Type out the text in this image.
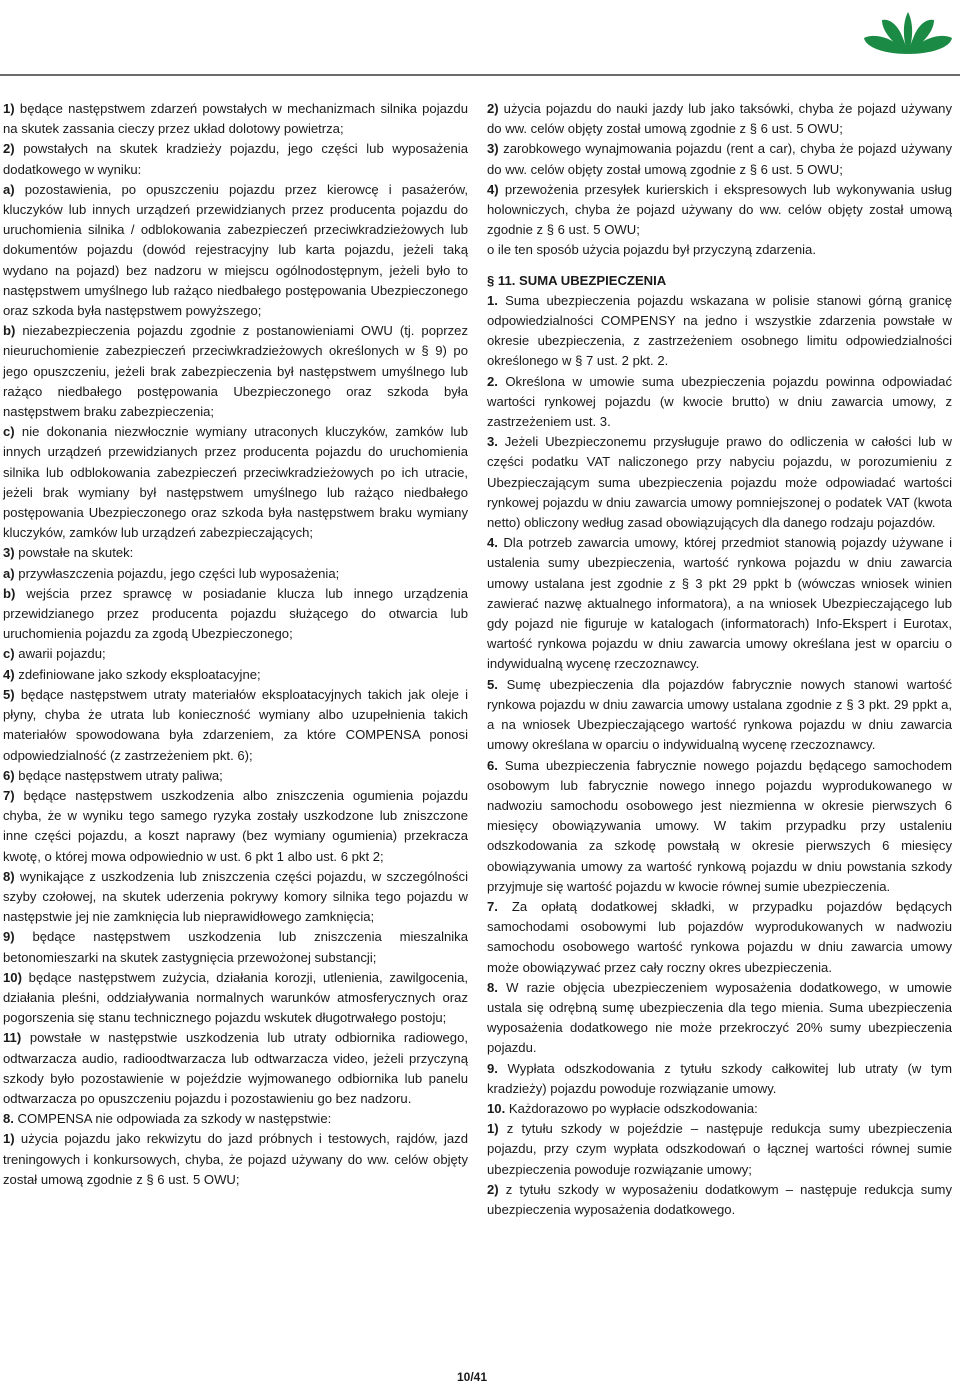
1) będące następstwem zdarzeń powstałych w mechanizmach silnika pojazdu na skutek zassania cieczy przez układ dolotowy powietrza;

2) powstałych na skutek kradzieży pojazdu, jego części lub wyposażenia dodatkowego w wyniku:

a) pozostawienia, po opuszczeniu pojazdu przez kierowcę i pasażerów, kluczyków lub innych urządzeń przewidzianych przez producenta pojazdu do uruchomienia silnika / odblokowania zabezpieczeń przeciwkradzieżowych lub dokumentów pojazdu (dowód rejestracyjny lub karta pojazdu, jeżeli taką wydano na pojazd) bez nadzoru w miejscu ogólnodostępnym, jeżeli było to następstwem umyślnego lub rażąco niedbałego postępowania Ubezpieczonego oraz szkoda była następstwem powyższego;

b) niezabezpieczenia pojazdu zgodnie z postanowieniami OWU (tj. poprzez nieuruchomienie zabezpieczeń przeciwkradzieżowych określonych w § 9) po jego opuszczeniu, jeżeli brak zabezpieczenia był następstwem umyślnego lub rażąco niedbałego postępowania Ubezpieczonego oraz szkoda była następstwem braku zabezpieczenia;

c) nie dokonania niezwłocznie wymiany utraconych kluczyków, zamków lub innych urządzeń przewidzianych przez producenta pojazdu do uruchomienia silnika lub odblokowania zabezpieczeń przeciwkradzieżowych po ich utracie, jeżeli brak wymiany był następstwem umyślnego lub rażąco niedbałego postępowania Ubezpieczonego oraz szkoda była następstwem braku wymiany kluczyków, zamków lub urządzeń zabezpieczających;

3) powstałe na skutek:

a) przywłaszczenia pojazdu, jego części lub wyposażenia;

b) wejścia przez sprawcę w posiadanie klucza lub innego urządzenia przewidzianego przez producenta pojazdu służącego do otwarcia lub uruchomienia pojazdu za zgodą Ubezpieczonego;

c) awarii pojazdu;

4) zdefiniowane jako szkody eksploatacyjne;

5) będące następstwem utraty materiałów eksploatacyjnych takich jak oleje i płyny, chyba że utrata lub konieczność wymiany albo uzupełnienia takich materiałów spowodowana była zdarzeniem, za które COMPENSA ponosi odpowiedzialność (z zastrzeżeniem pkt. 6);

6) będące następstwem utraty paliwa;

7) będące następstwem uszkodzenia albo zniszczenia ogumienia pojazdu chyba, że w wyniku tego samego ryzyka zostały uszkodzone lub zniszczone inne części pojazdu, a koszt naprawy (bez wymiany ogumienia) przekracza kwotę, o której mowa odpowiednio w ust. 6 pkt 1 albo ust. 6 pkt 2;

8) wynikające z uszkodzenia lub zniszczenia części pojazdu, w szczególności szyby czołowej, na skutek uderzenia pokrywy komory silnika tego pojazdu w następstwie jej nie zamknięcia lub nieprawidłowego zamknięcia;

9) będące następstwem uszkodzenia lub zniszczenia mieszalnika betonomieszarki na skutek zastygnięcia przewożonej substancji;

10) będące następstwem zużycia, działania korozji, utlenienia, zawilgocenia, działania pleśni, oddziaływania normalnych warunków atmosferycznych oraz pogorszenia się stanu technicznego pojazdu wskutek długotrwałego postoju;

11) powstałe w następstwie uszkodzenia lub utraty odbiornika radiowego, odtwarzacza audio, radioodtwarzacza lub odtwarzacza video, jeżeli przyczyną szkody było pozostawienie w pojeździe wyjmowanego odbiornika lub panelu odtwarzacza po opuszczeniu pojazdu i pozostawieniu go bez nadzoru.

8. COMPENSA nie odpowiada za szkody w następstwie:

1) użycia pojazdu jako rekwizytu do jazd próbnych i testowych, rajdów, jazd treningowych i konkursowych, chyba, że pojazd używany do ww. celów objęty został umową zgodnie z § 6 ust. 5 OWU;

2) użycia pojazdu do nauki jazdy lub jako taksówki, chyba że pojazd używany do ww. celów objęty został umową zgodnie z § 6 ust. 5 OWU;

3) zarobkowego wynajmowania pojazdu (rent a car), chyba że pojazd używany do ww. celów objęty został umową zgodnie z § 6 ust. 5 OWU;

4) przewożenia przesyłek kurierskich i ekspresowych lub wykonywania usług holowniczych, chyba że pojazd używany do ww. celów objęty został umową zgodnie z § 6 ust. 5 OWU;

o ile ten sposób użycia pojazdu był przyczyną zdarzenia.

§ 11. SUMA UBEZPIECZENIA

1. Suma ubezpieczenia pojazdu wskazana w polisie stanowi górną granicę odpowiedzialności COMPENSY na jedno i wszystkie zdarzenia powstałe w okresie ubezpieczenia, z zastrzeżeniem osobnego limitu odpowiedzialności określonego w § 7 ust. 2 pkt. 2.

2. Określona w umowie suma ubezpieczenia pojazdu powinna odpowiadać wartości rynkowej pojazdu (w kwocie brutto) w dniu zawarcia umowy, z zastrzeżeniem ust. 3.

3. Jeżeli Ubezpieczonemu przysługuje prawo do odliczenia w całości lub w części podatku VAT naliczonego przy nabyciu pojazdu, w porozumieniu z Ubezpieczającym suma ubezpieczenia pojazdu może odpowiadać wartości rynkowej pojazdu w dniu zawarcia umowy pomniejszonej o podatek VAT (kwota netto) obliczony według zasad obowiązujących dla danego rodzaju pojazdów.

4. Dla potrzeb zawarcia umowy, której przedmiot stanowią pojazdy używane i ustalenia sumy ubezpieczenia, wartość rynkowa pojazdu w dniu zawarcia umowy ustalana jest zgodnie z § 3 pkt 29 ppkt b (wówczas wniosek winien zawierać nazwę aktualnego informatora), a na wniosek Ubezpieczającego lub gdy pojazd nie figuruje w katalogach (informatorach) Info-Ekspert i Eurotax, wartość rynkowa pojazdu w dniu zawarcia umowy określana jest w oparciu o indywidualną wycenę rzeczoznawcy.

5. Sumę ubezpieczenia dla pojazdów fabrycznie nowych stanowi wartość rynkowa pojazdu w dniu zawarcia umowy ustalana zgodnie z § 3 pkt. 29 ppkt a, a na wniosek Ubezpieczającego wartość rynkowa pojazdu w dniu zawarcia umowy określana w oparciu o indywidualną wycenę rzeczoznawcy.

6. Suma ubezpieczenia fabrycznie nowego pojazdu będącego samochodem osobowym lub fabrycznie nowego innego pojazdu wyprodukowanego w nadwoziu samochodu osobowego jest niezmienna w okresie pierwszych 6 miesięcy obowiązywania umowy. W takim przypadku przy ustaleniu odszkodowania za szkodę powstałą w okresie pierwszych 6 miesięcy obowiązywania umowy za wartość rynkową pojazdu w dniu powstania szkody przyjmuje się wartość pojazdu w kwocie równej sumie ubezpieczenia.

7. Za opłatą dodatkowej składki, w przypadku pojazdów będących samochodami osobowymi lub pojazdów wyprodukowanych w nadwoziu samochodu osobowego wartość rynkowa pojazdu w dniu zawarcia umowy może obowiązywać przez cały roczny okres ubezpieczenia.

8. W razie objęcia ubezpieczeniem wyposażenia dodatkowego, w umowie ustala się odrębną sumę ubezpieczenia dla tego mienia. Suma ubezpieczenia wyposażenia dodatkowego nie może przekroczyć 20% sumy ubezpieczenia pojazdu.

9. Wypłata odszkodowania z tytułu szkody całkowitej lub utraty (w tym kradzieży) pojazdu powoduje rozwiązanie umowy.

10. Każdorazowo po wypłacie odszkodowania:

1) z tytułu szkody w pojeździe – następuje redukcja sumy ubezpieczenia pojazdu, przy czym wypłata odszkodowań o łącznej wartości równej sumie ubezpieczenia powoduje rozwiązanie umowy;

2) z tytułu szkody w wyposażeniu dodatkowym – następuje redukcja sumy ubezpieczenia wyposażenia dodatkowego.

10/41
